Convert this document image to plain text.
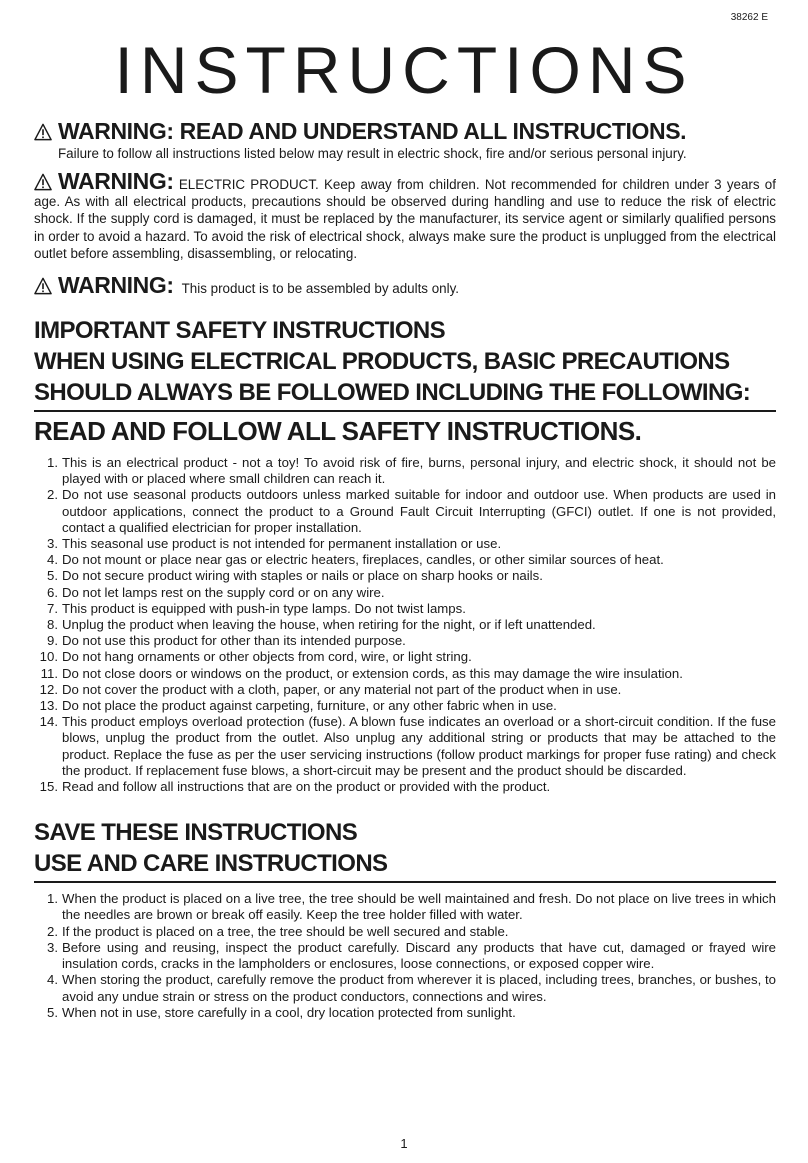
38262 E
INSTRUCTIONS
WARNING: READ AND UNDERSTAND ALL INSTRUCTIONS.
Failure to follow all instructions listed below may result in electric shock, fire and/or serious personal injury.
WARNING: ELECTRIC PRODUCT. Keep away from children. Not recommended for children under 3 years of age. As with all electrical products, precautions should be observed during handling and use to reduce the risk of electric shock. If the supply cord is damaged, it must be replaced by the manufacturer, its service agent or similarly qualified persons in order to avoid a hazard. To avoid the risk of electrical shock, always make sure the product is unplugged from the electrical outlet before assembling, disassembling, or relocating.
WARNING: This product is to be assembled by adults only.

IMPORTANT SAFETY INSTRUCTIONS

WHEN USING ELECTRICAL PRODUCTS, BASIC PRECAUTIONS

SHOULD ALWAYS BE FOLLOWED INCLUDING THE FOLLOWING:

READ AND FOLLOW ALL SAFETY INSTRUCTIONS.

1. This is an electrical product - not a toy! To avoid risk of fire, burns, personal injury, and electric shock, it should not be played with or placed where small children can reach it.
2. Do not use seasonal products outdoors unless marked suitable for indoor and outdoor use. When products are used in outdoor applications, connect the product to a Ground Fault Circuit Interrupting (GFCI) outlet. If one is not provided, contact a qualified electrician for proper installation.
3. This seasonal use product is not intended for permanent installation or use.
4. Do not mount or place near gas or electric heaters, fireplaces, candles, or other similar sources of heat.
5. Do not secure product wiring with staples or nails or place on sharp hooks or nails.
6. Do not let lamps rest on the supply cord or on any wire.
7. This product is equipped with push-in type lamps. Do not twist lamps.
8. Unplug the product when leaving the house, when retiring for the night, or if left unattended.
9. Do not use this product for other than its intended purpose.
10. Do not hang ornaments or other objects from cord, wire, or light string.
11. Do not close doors or windows on the product, or extension cords, as this may damage the wire insulation.
12. Do not cover the product with a cloth, paper, or any material not part of the product when in use.
13. Do not place the product against carpeting, furniture, or any other fabric when in use.
14. This product employs overload protection (fuse). A blown fuse indicates an overload or a short-circuit condition. If the fuse blows, unplug the product from the outlet. Also unplug any additional string or products that may be attached to the product. Replace the fuse as per the user servicing instructions (follow product markings for proper fuse rating) and check the product. If replacement fuse blows, a short-circuit may be present and the product should be discarded.
15. Read and follow all instructions that are on the product or provided with the product.

SAVE THESE INSTRUCTIONS

USE AND CARE INSTRUCTIONS

1. When the product is placed on a live tree, the tree should be well maintained and fresh. Do not place on live trees in which the needles are brown or break off easily. Keep the tree holder filled with water.
2. If the product is placed on a tree, the tree should be well secured and stable.
3. Before using and reusing, inspect the product carefully. Discard any products that have cut, damaged or frayed wire insulation cords, cracks in the lampholders or enclosures, loose connections, or exposed copper wire.
4. When storing the product, carefully remove the product from wherever it is placed, including trees, branches, or bushes, to avoid any undue strain or stress on the product conductors, connections and wires.
5. When not in use, store carefully in a cool, dry location protected from sunlight.
1
